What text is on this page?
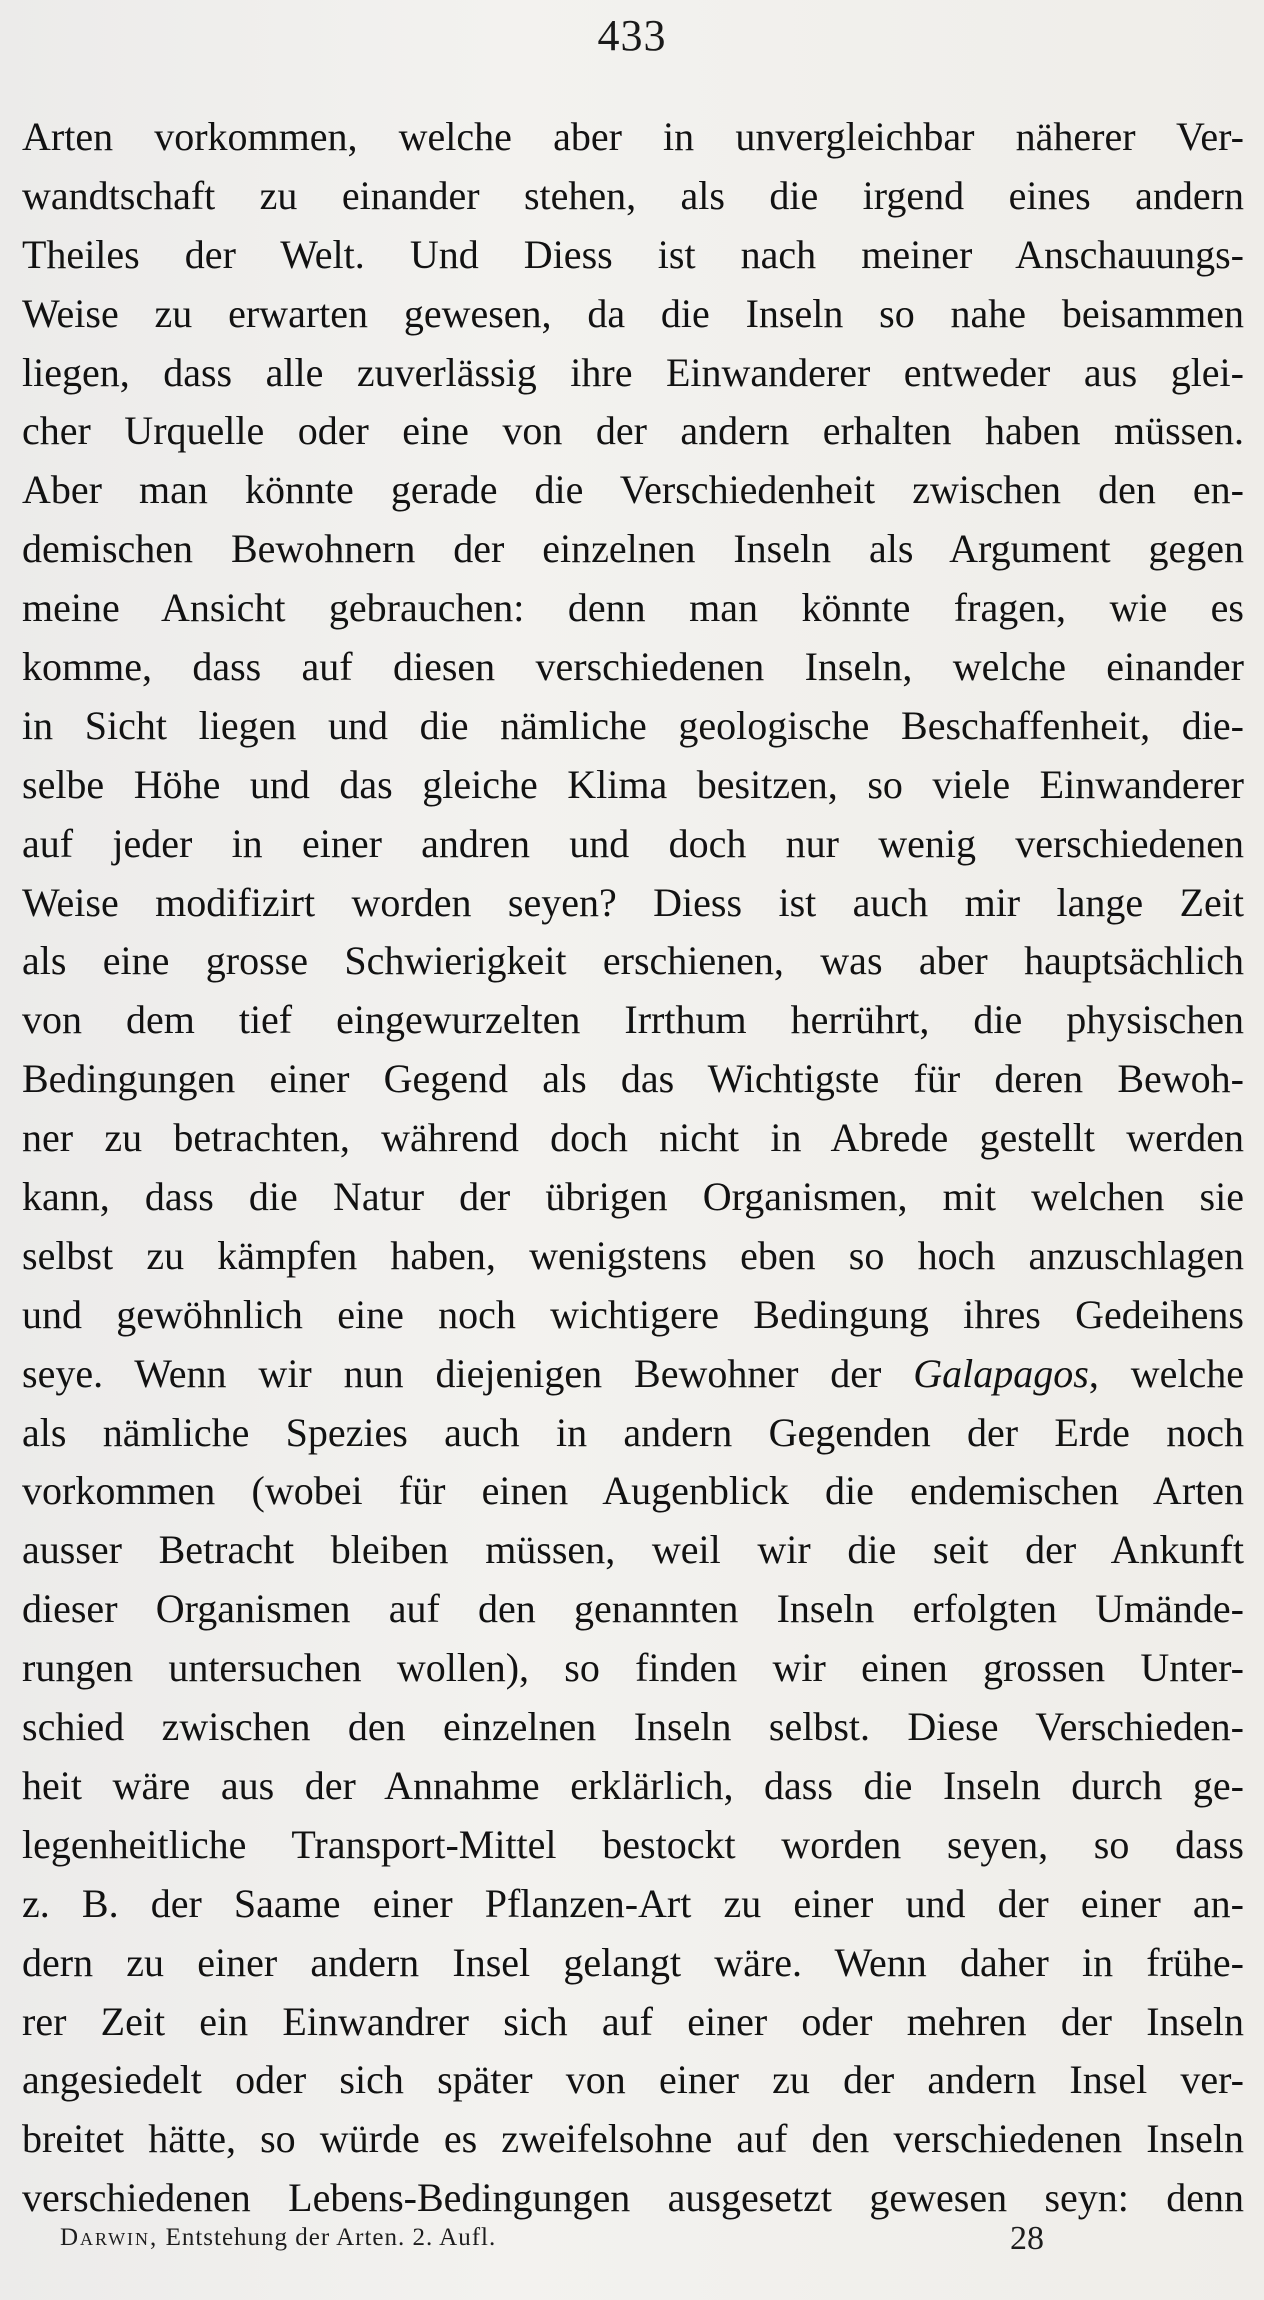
433
Arten vorkommen, welche aber in unvergleichbar näherer Ver-
wandtschaft zu einander stehen, als die irgend eines andern
Theiles der Welt. Und Diess ist nach meiner Anschauungs-
Weise zu erwarten gewesen, da die Inseln so nahe beisammen
liegen, dass alle zuverlässig ihre Einwanderer entweder aus glei-
cher Urquelle oder eine von der andern erhalten haben müssen.
Aber man könnte gerade die Verschiedenheit zwischen den en-
demischen Bewohnern der einzelnen Inseln als Argument gegen
meine Ansicht gebrauchen: denn man könnte fragen, wie es
komme, dass auf diesen verschiedenen Inseln, welche einander
in Sicht liegen und die nämliche geologische Beschaffenheit, die-
selbe Höhe und das gleiche Klima besitzen, so viele Einwanderer
auf jeder in einer andren und doch nur wenig verschiedenen
Weise modifizirt worden seyen? Diess ist auch mir lange Zeit
als eine grosse Schwierigkeit erschienen, was aber hauptsächlich
von dem tief eingewurzelten Irrthum herrührt, die physischen
Bedingungen einer Gegend als das Wichtigste für deren Bewoh-
ner zu betrachten, während doch nicht in Abrede gestellt werden
kann, dass die Natur der übrigen Organismen, mit welchen sie
selbst zu kämpfen haben, wenigstens eben so hoch anzuschlagen
und gewöhnlich eine noch wichtigere Bedingung ihres Gedeihens
seye. Wenn wir nun diejenigen Bewohner der Galapagos, welche
als nämliche Spezies auch in andern Gegenden der Erde noch
vorkommen (wobei für einen Augenblick die endemischen Arten
ausser Betracht bleiben müssen, weil wir die seit der Ankunft
dieser Organismen auf den genannten Inseln erfolgten Umände-
rungen untersuchen wollen), so finden wir einen grossen Unter-
schied zwischen den einzelnen Inseln selbst. Diese Verschieden-
heit wäre aus der Annahme erklärlich, dass die Inseln durch ge-
legenheitliche Transport-Mittel bestockt worden seyen, so dass
z. B. der Saame einer Pflanzen-Art zu einer und der einer an-
dern zu einer andern Insel gelangt wäre. Wenn daher in frühe-
rer Zeit ein Einwandrer sich auf einer oder mehren der Inseln
angesiedelt oder sich später von einer zu der andern Insel ver-
breitet hätte, so würde es zweifelsohne auf den verschiedenen Inseln
verschiedenen Lebens-Bedingungen ausgesetzt gewesen seyn: denn
Darwin, Entstehung der Arten. 2. Aufl.	28
